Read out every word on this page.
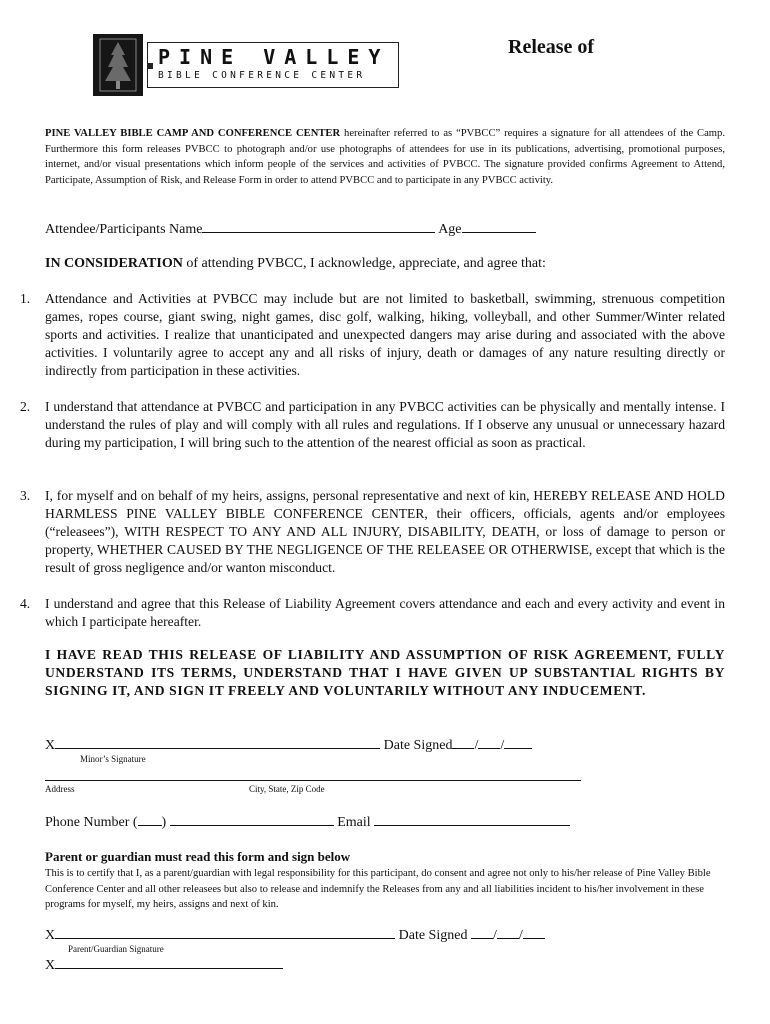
PINE VALLEY
BIBLE CONFERENCE CENTER
Release of
PINE VALLEY BIBLE CAMP AND CONFERENCE CENTER hereinafter referred to as “PVBCC” requires a signature for all attendees of the Camp. Furthermore this form releases PVBCC to photograph and/or use photographs of attendees for use in its publications, advertising, promotional purposes, internet, and/or visual presentations which inform people of the services and activities of PVBCC. The signature provided confirms Agreement to Attend, Participate, Assumption of Risk, and Release Form in order to attend PVBCC and to participate in any PVBCC activity.
Attendee/Participants Name	Age
IN CONSIDERATION of attending PVBCC, I acknowledge, appreciate, and agree that:
1.	Attendance and Activities at PVBCC may include but are not limited to basketball, swimming, strenuous competition games, ropes course, giant swing, night games, disc golf, walking, hiking, volleyball, and other Summer/Winter related sports and activities. I realize that unanticipated and unexpected dangers may arise during and associated with the above activities. I voluntarily agree to accept any and all risks of injury, death or damages of any nature resulting directly or indirectly from participation in these activities.
2.	I understand that attendance at PVBCC and participation in any PVBCC activities can be physically and mentally intense. I understand the rules of play and will comply with all rules and regulations. If I observe any unusual or unnecessary hazard during my participation, I will bring such to the attention of the nearest official as soon as practical.
3.	I, for myself and on behalf of my heirs, assigns, personal representative and next of kin, HEREBY RELEASE AND HOLD HARMLESS PINE VALLEY BIBLE CONFERENCE CENTER, their officers, officials, agents and/or employees (“releasees”), WITH RESPECT TO ANY AND ALL INJURY, DISABILITY, DEATH, or loss of damage to person or property, WHETHER CAUSED BY THE NEGLIGENCE OF THE RELEASEE OR OTHERWISE, except that which is the result of gross negligence and/or wanton misconduct.
4.	I understand and agree that this Release of Liability Agreement covers attendance and each and every activity and event in which I participate hereafter.
I HAVE READ THIS RELEASE OF LIABILITY AND ASSUMPTION OF RISK AGREEMENT, FULLY UNDERSTAND ITS TERMS, UNDERSTAND THAT I HAVE GIVEN UP SUBSTANTIAL RIGHTS BY SIGNING IT, AND SIGN IT FREELY AND VOLUNTARILY WITHOUT ANY INDUCEMENT.
X	Date Signed / /
Minor’s Signature
Address	City, State, Zip Code
Phone Number ( )	Email
Parent or guardian must read this form and sign below
This is to certify that I, as a parent/guardian with legal responsibility for this participant, do consent and agree not only to his/her release of Pine Valley Bible Conference Center and all other releasees but also to release and indemnify the Releases from any and all liabilities incident to his/her involvement in these programs for myself, my heirs, assigns and next of kin.
X	Date Signed / /
Parent/Guardian Signature
X
